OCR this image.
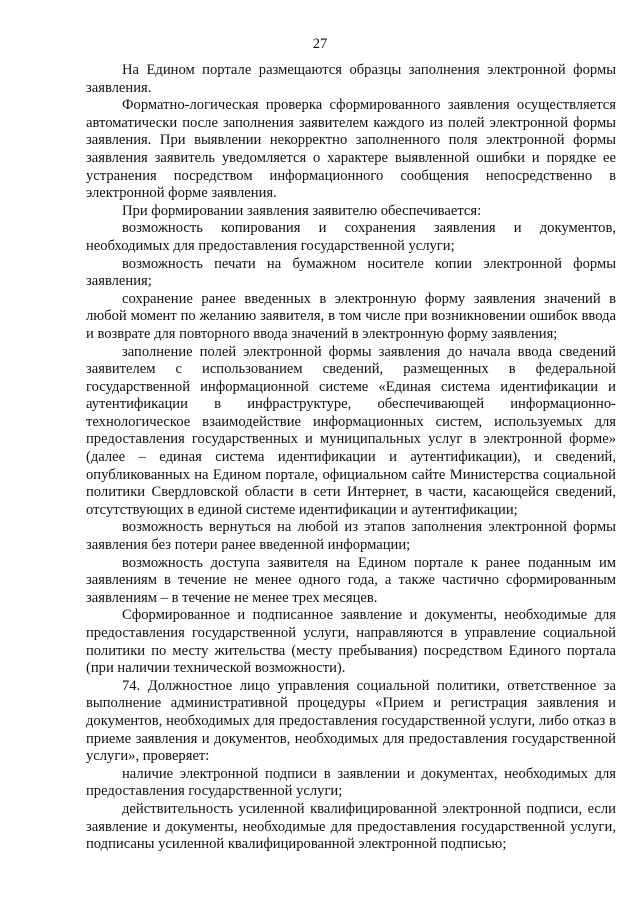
27

На Едином портале размещаются образцы заполнения электронной формы заявления.

Форматно-логическая проверка сформированного заявления осуществляется автоматически после заполнения заявителем каждого из полей электронной формы заявления. При выявлении некорректно заполненного поля электронной формы заявления заявитель уведомляется о характере выявленной ошибки и порядке ее устранения посредством информационного сообщения непосредственно в электронной форме заявления.

При формировании заявления заявителю обеспечивается:

возможность копирования и сохранения заявления и документов, необходимых для предоставления государственной услуги;

возможность печати на бумажном носителе копии электронной формы заявления;

сохранение ранее введенных в электронную форму заявления значений в любой момент по желанию заявителя, в том числе при возникновении ошибок ввода и возврате для повторного ввода значений в электронную форму заявления;

заполнение полей электронной формы заявления до начала ввода сведений заявителем с использованием сведений, размещенных в федеральной государственной информационной системе «Единая система идентификации и аутентификации в инфраструктуре, обеспечивающей информационно-технологическое взаимодействие информационных систем, используемых для предоставления государственных и муниципальных услуг в электронной форме» (далее – единая система идентификации и аутентификации), и сведений, опубликованных на Едином портале, официальном сайте Министерства социальной политики Свердловской области в сети Интернет, в части, касающейся сведений, отсутствующих в единой системе идентификации и аутентификации;

возможность вернуться на любой из этапов заполнения электронной формы заявления без потери ранее введенной информации;

возможность доступа заявителя на Едином портале к ранее поданным им заявлениям в течение не менее одного года, а также частично сформированным заявлениям – в течение не менее трех месяцев.

Сформированное и подписанное заявление и документы, необходимые для предоставления государственной услуги, направляются в управление социальной политики по месту жительства (месту пребывания) посредством Единого портала (при наличии технической возможности).

74. Должностное лицо управления социальной политики, ответственное за выполнение административной процедуры «Прием и регистрация заявления и документов, необходимых для предоставления государственной услуги, либо отказ в приеме заявления и документов, необходимых для предоставления государственной услуги», проверяет:

наличие электронной подписи в заявлении и документах, необходимых для предоставления государственной услуги;

действительность усиленной квалифицированной электронной подписи, если заявление и документы, необходимые для предоставления государственной услуги, подписаны усиленной квалифицированной электронной подписью;
